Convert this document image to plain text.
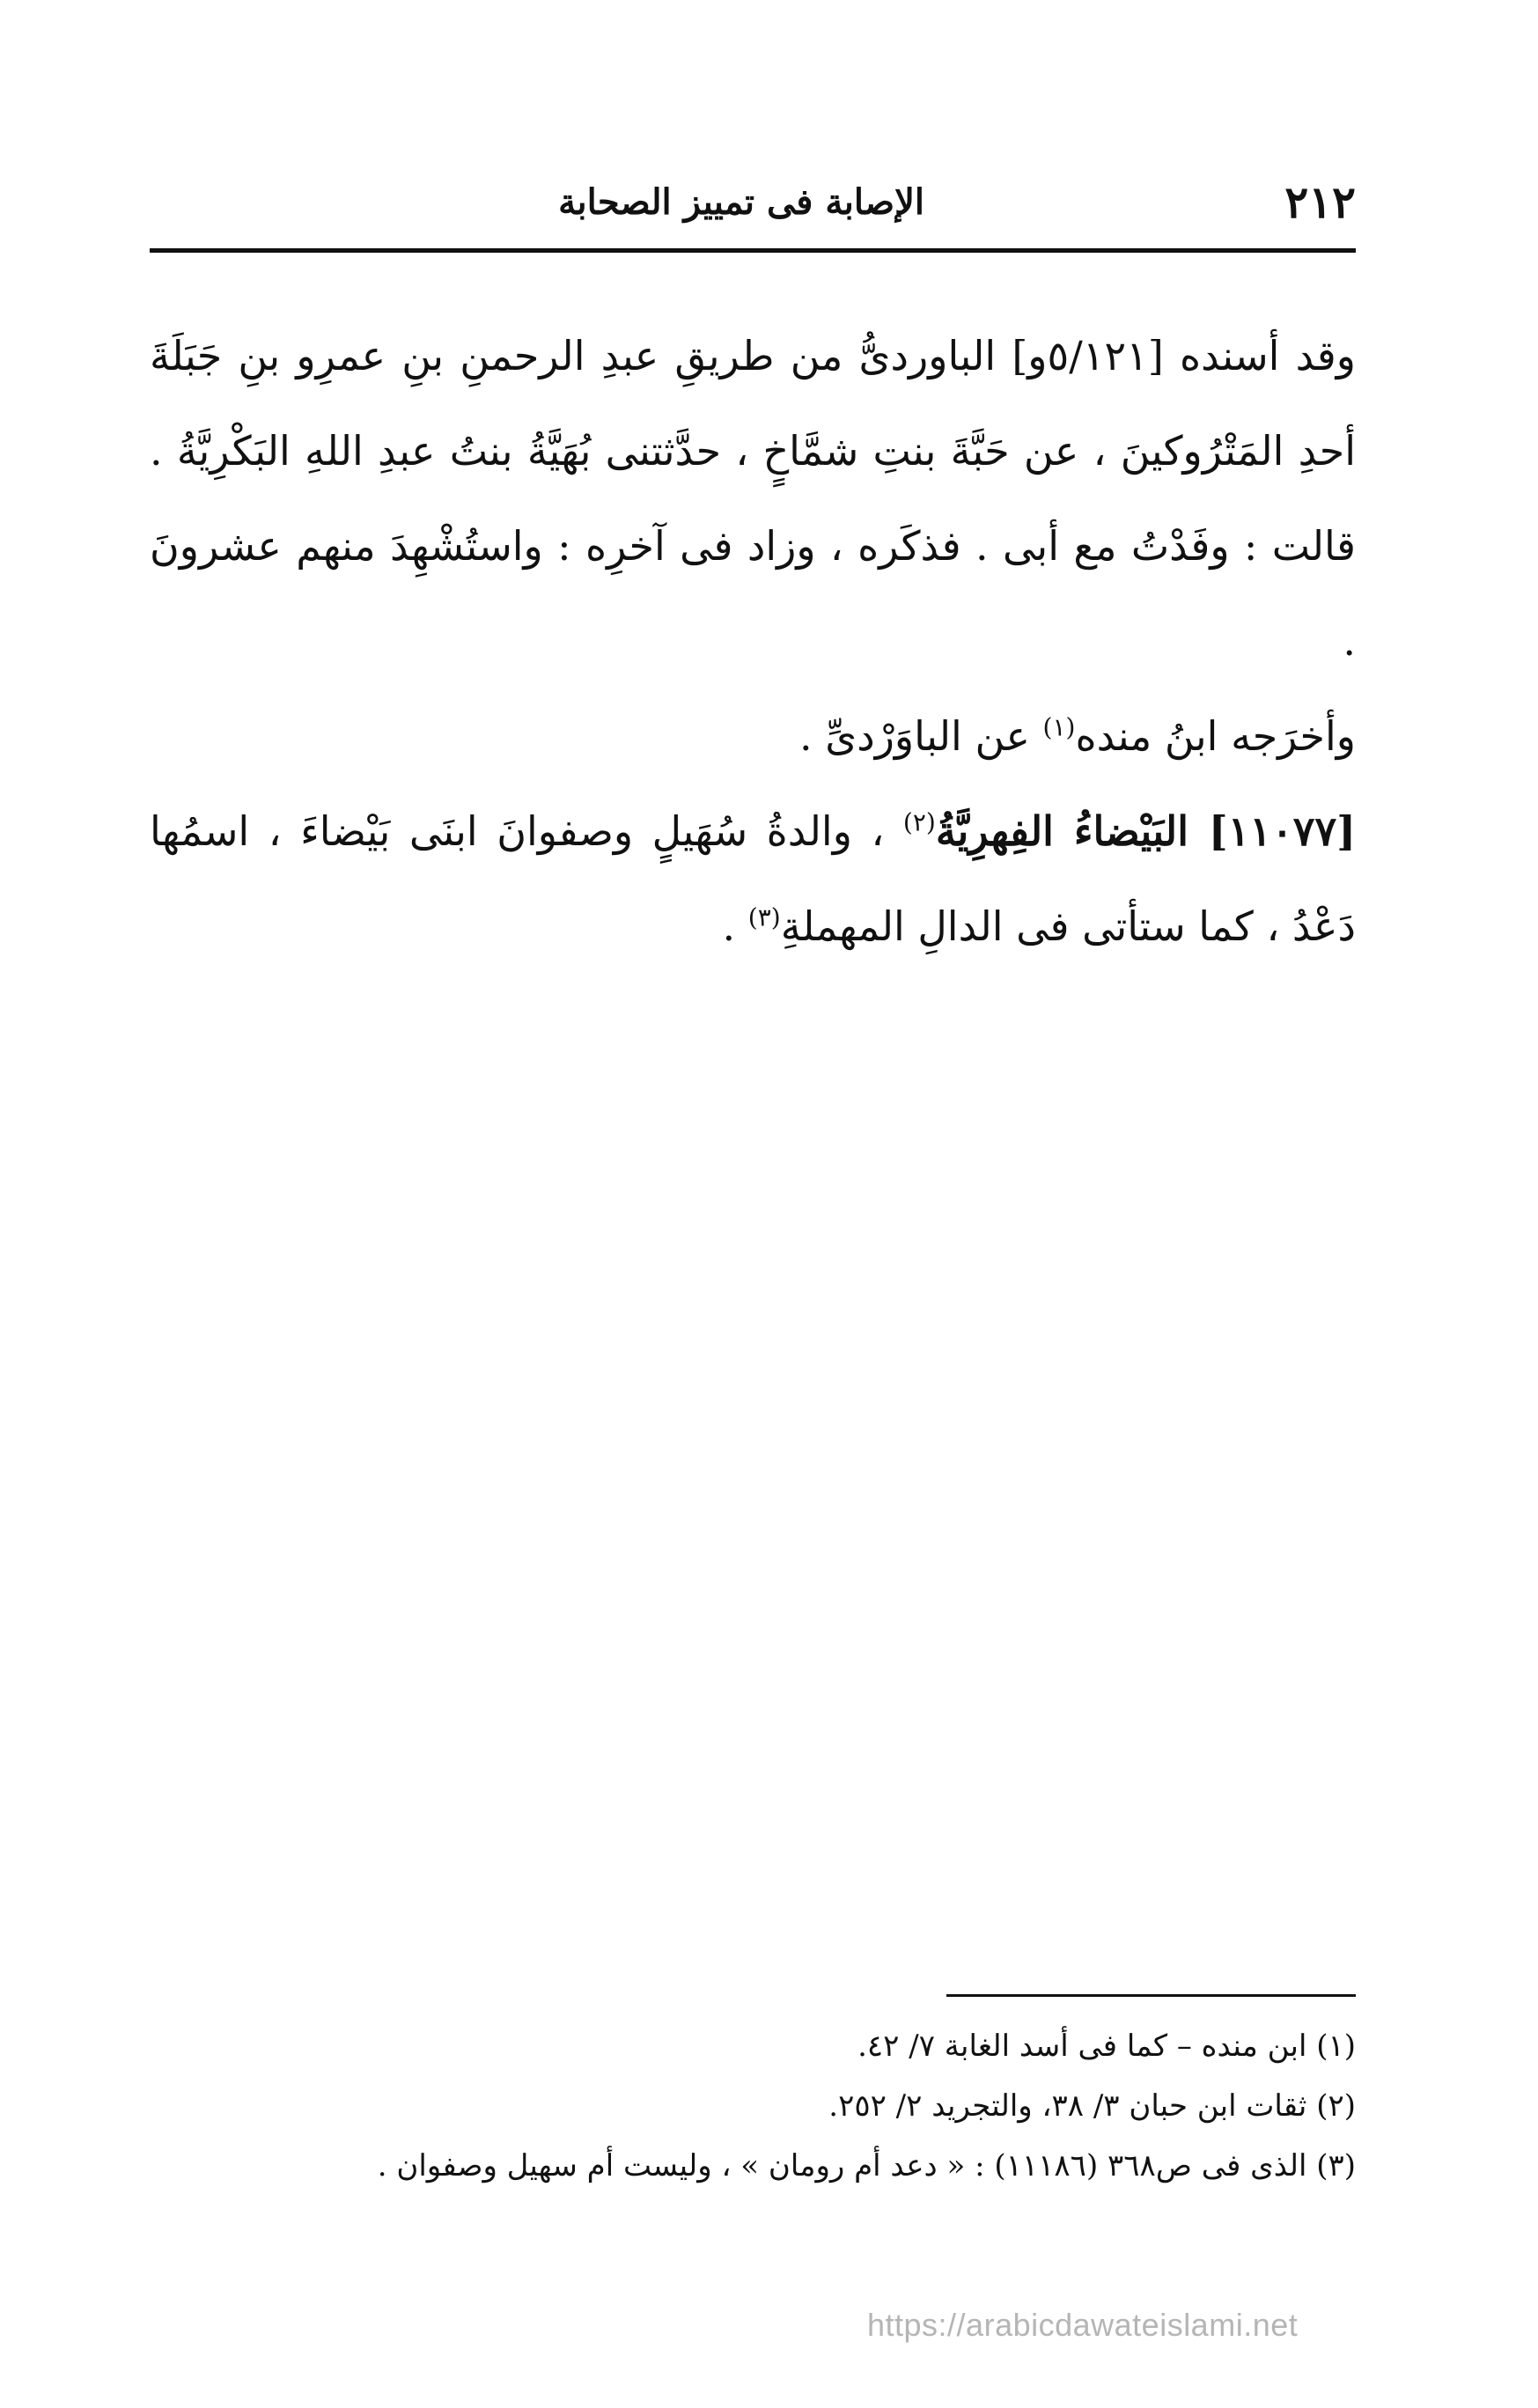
٢١٢
الإصابة فى تمييز الصحابة

وقد أسنده [٥/١٢١و] الباوردىُّ من طريقِ عبدِ الرحمنِ بنِ عمرِو بنِ جَبَلَةَ أحدِ المَتْرُوكينَ ، عن حَبَّةَ بنتِ شمَّاخٍ ، حدَّثتنى بُهَيَّةُ بنتُ عبدِ اللهِ البَكْرِيَّةُ . قالت : وفَدْتُ مع أبى . فذكَره ، وزاد فى آخرِه : واستُشْهِدَ منهم عشرونَ .

وأخرَجه ابنُ منده$^{(١)}$ عن الباوَرْدىِّ .

[١١٠٧٧] البَيْضاءُ الفِهرِيَّةُ$^{(٢)}$ ، والدةُ سُهَيلٍ وصفوانَ ابنَى بَيْضاءَ ، اسمُها دَعْدُ ، كما ستأتى فى الدالِ المهملةِ$^{(٣)}$ .

(١) ابن منده – كما فى أسد الغابة ٧/ ٤٢.

(٢) ثقات ابن حبان ٣/ ٣٨، والتجريد ٢/ ٢٥٢.

(٣) الذى فى ص٣٦٨ (١١١٨٦) : « دعد أم رومان » ، وليست أم سهيل وصفوان .

https://arabicdawateislami.net
